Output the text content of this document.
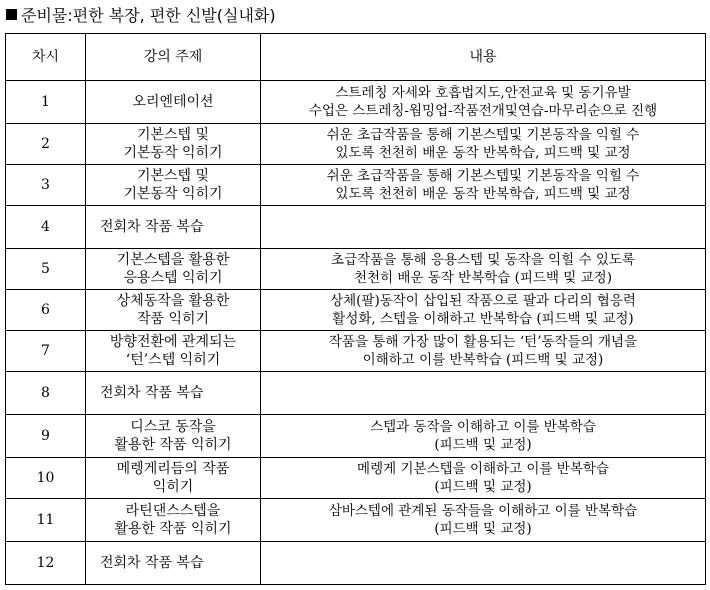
준비물:편한 복장, 편한 신발(실내화)
차시	강의 주제	내용
1	오리엔테이션	스트레칭 자세와 호흡법지도,안전교육 및 동기유발
수업은 스트레칭-웜밍업-작품전개및연습-마무리순으로 진행
2	기본스텝 및
기본동작 익히기	쉬운 초급작품을 통해 기본스텝및 기본동작을 익힐 수
있도록 천천히 배운 동작 반복학습, 피드백 및 교정
3	기본스텝 및
기본동작 익히기	쉬운 초급작품을 통해 기본스텝및 기본동작을 익힐 수
있도록 천천히 배운 동작 반복학습, 피드백 및 교정
4	전회차 작품 복습	
5	기본스텝을 활용한
응용스텝 익히기	초급작품을 통해 응용스텝 및 동작을 익힐 수 있도록
천천히 배운 동작 반복학습 (피드백 및 교정)
6	상체동작을 활용한
작품 익히기	상체(팔)동작이 삽입된 작품으로 팔과 다리의 협응력
활성화, 스텝을 이해하고 반복학습 (피드백 및 교정)
7	방향전환에 관계되는
‘턴’스텝 익히기	작품을 통해 가장 많이 활용되는 ‘턴’동작들의 개념을
이해하고 이를 반복학습 (피드백 및 교정)
8	전회차 작품 복습	
9	디스코 동작을
활용한 작품 익히기	스텝과 동작을 이해하고 이를 반복학습
(피드백 및 교정)
10	메렝게리듬의 작품
익히기	메렝게 기본스텝을 이해하고 이를 반복학습
(피드백 및 교정)
11	라틴댄스스텝을
활용한 작품 익히기	삼바스텝에 관계된 동작들을 이해하고 이를 반복학습
(피드백 및 교정)
12	전회차 작품 복습	
